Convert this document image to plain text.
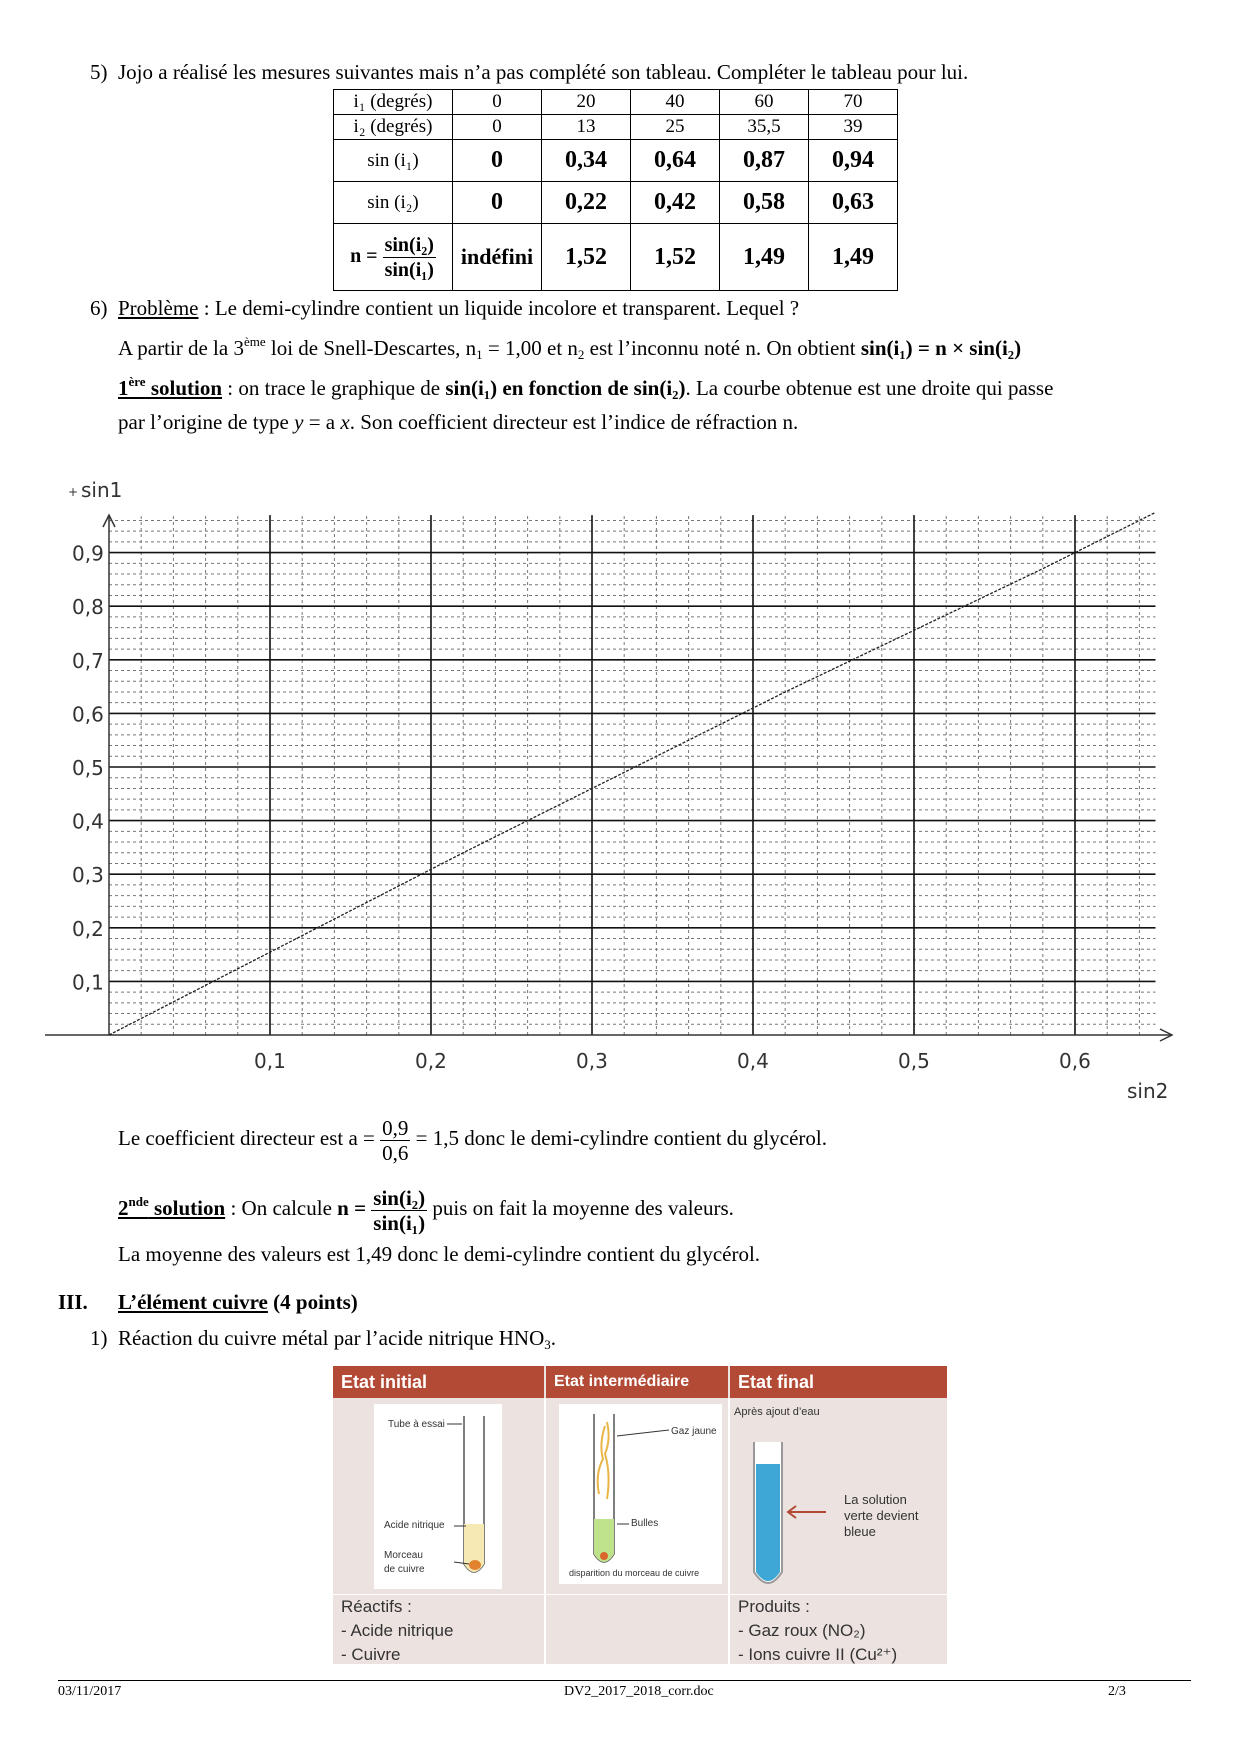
5) Jojo a réalisé les mesures suivantes mais n’a pas complété son tableau. Compléter le tableau pour lui.
i₁ (degrés)	0	20	40	60	70
i₂ (degrés)	0	13	25	35,5	39
sin (i₁)	0	0,34	0,64	0,87	0,94
sin (i₂)	0	0,22	0,42	0,58	0,63
$n = \frac{\text{sin(i₂)}}{\text{sin(i₁)}}$	indéfini	1,52	1,52	1,49	1,49
6) Problème : Le demi-cylindre contient un liquide incolore et transparent. Lequel ?
A partir de la 3ème loi de Snell-Descartes, $n_1 = 1,00$ et $n_2$ est l’inconnu noté n. On obtient sin(i₁) = n × sin(i₂)
1ère solution : on trace le graphique de sin(i₁) en fonction de sin(i₂). La courbe obtenue est une droite qui passe
par l’origine de type y = a x. Son coefficient directeur est l’indice de réfraction n.
0,1	0,2	0,3	0,4	0,5	0,6
0,1
0,2
0,3
0,4
0,5
0,6
0,7
0,8
0,9
+ sin1
sin2
Le coefficient directeur est $a = \frac{0,9}{0,6} = 1,5$ donc le demi-cylindre contient du glycérol.
2nde solution : On calcule $n = \frac{\text{sin(i₂)}}{\text{sin(i₁)}}$ puis on fait la moyenne des valeurs.
La moyenne des valeurs est 1,49 donc le demi-cylindre contient du glycérol.
III. L’élément cuivre (4 points)
1) Réaction du cuivre métal par l’acide nitrique $HNO_3$.
Etat initial	Etat intermédiaire	Etat final
Tube à essai
Acide nitrique
Morceau
de cuivre
Gaz jaune
Bulles
disparition du morceau de cuivre
Après ajout d’eau
La solution
verte devient
bleue
Réactifs :
- Acide nitrique
- Cuivre
Produits :
- Gaz roux (NO₂)
- Ions cuivre II (Cu²⁺)
03/11/2017	DV2_2017_2018_corr.doc	2/3
